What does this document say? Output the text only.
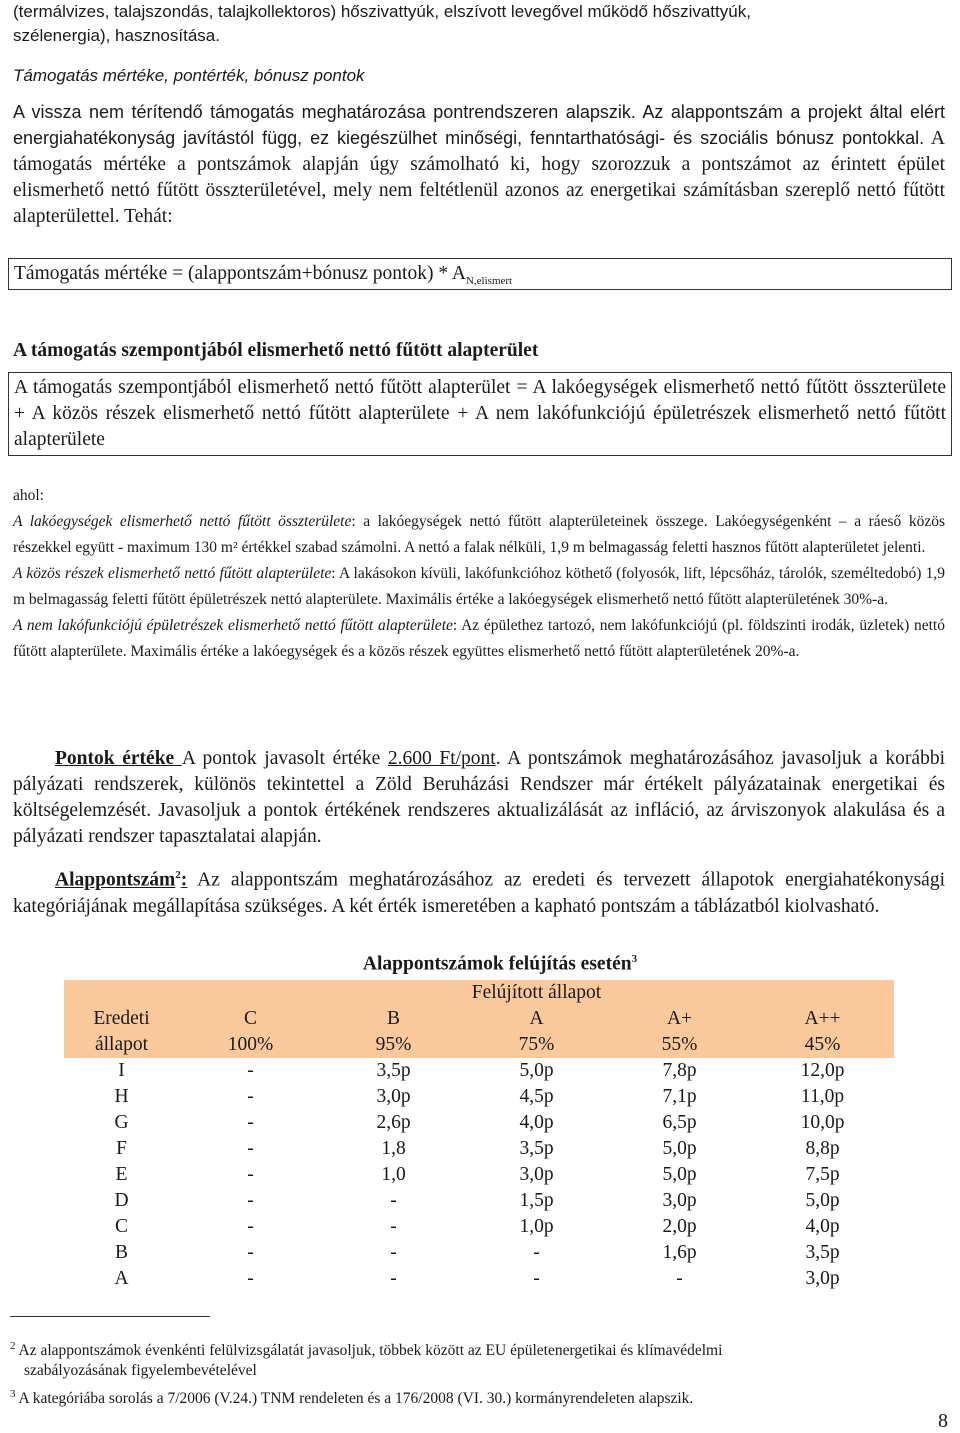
(termálvizes, talajszondás, talajkollektoros) hőszivattyúk, elszívott levegővel működő hőszivattyúk,
szélenergia), hasznosítása.
Támogatás mértéke, pontérték, bónusz pontok
A vissza nem térítendő támogatás meghatározása pontrendszeren alapszik. Az alappontszám a projekt által elért energiahatékonyság javítástól függ, ez kiegészülhet minőségi, fenntarthatósági- és szociális bónusz pontokkal. A támogatás mértéke a pontszámok alapján úgy számolható ki, hogy szorozzuk a pontszámot az érintett épület elismerhető nettó fűtött összterületével, mely nem feltétlenül azonos az energetikai számításban szereplő nettó fűtött alapterülettel. Tehát:
Támogatás mértéke = (alappontszám+bónusz pontok) * $A_{N,elismert}$
A támogatás szempontjából elismerhető nettó fűtött alapterület
A támogatás szempontjából elismerhető nettó fűtött alapterület = A lakóegységek elismerhető nettó fűtött összterülete + A közös részek elismerhető nettó fűtött alapterülete + A nem lakófunkciójú épületrészek elismerhető nettó fűtött alapterülete
ahol:
A lakóegységek elismerhető nettó fűtött összterülete: a lakóegységek nettó fűtött alapterületeinek összege. Lakóegységenként – a ráeső közös részekkel együtt - maximum 130 m² értékkel szabad számolni. A nettó a falak nélküli, 1,9 m belmagasság feletti hasznos fűtött alapterületet jelenti.
A közös részek elismerhető nettó fűtött alapterülete: A lakásokon kívüli, lakófunkcióhoz köthető (folyosók, lift, lépcsőház, tárolók, személtedobó) 1,9 m belmagasság feletti fűtött épületrészek nettó alapterülete. Maximális értéke a lakóegységek elismerhető nettó fűtött alapterületének 30%-a.
A nem lakófunkciójú épületrészek elismerhető nettó fűtött alapterülete: Az épülethez tartozó, nem lakófunkciójú (pl. földszinti irodák, üzletek) nettó fűtött alapterülete. Maximális értéke a lakóegységek és a közös részek együttes elismerhető nettó fűtött alapterületének 20%-a.
Pontok értéke A pontok javasolt értéke 2.600 Ft/pont. A pontszámok meghatározásához javasoljuk a korábbi pályázati rendszerek, különös tekintettel a Zöld Beruházási Rendszer már értékelt pályázatainak energetikai és költségelemzését. Javasoljuk a pontok értékének rendszeres aktualizálását az infláció, az árviszonyok alakulása és a pályázati rendszer tapasztalatai alapján.
Alappontszám$^2$: Az alappontszám meghatározásához az eredeti és tervezett állapotok energiahatékonysági kategóriájának megállapítása szükséges. A két érték ismeretében a kapható pontszám a táblázatból kiolvasható.
Alappontszámok felújítás esetén$^3$
	Felújított állapot				
Eredeti	C	B	A	A+	A++
állapot	100%	95%	75%	55%	45%
I	-	3,5p	5,0p	7,8p	12,0p
H	-	3,0p	4,5p	7,1p	11,0p
G	-	2,6p	4,0p	6,5p	10,0p
F	-	1,8	3,5p	5,0p	8,8p
E	-	1,0	3,0p	5,0p	7,5p
D	-	-	1,5p	3,0p	5,0p
C	-	-	1,0p	2,0p	4,0p
B	-	-	-	1,6p	3,5p
A	-	-	-	-	3,0p
$^2$ Az alappontszámok évenkénti felülvizsgálatát javasoljuk, többek között az EU épületenergetikai és klímavédelmi
szabályozásának figyelembevételével
$^3$ A kategóriába sorolás a 7/2006 (V.24.) TNM rendeleten és a 176/2008 (VI. 30.) kormányrendeleten alapszik.
8
